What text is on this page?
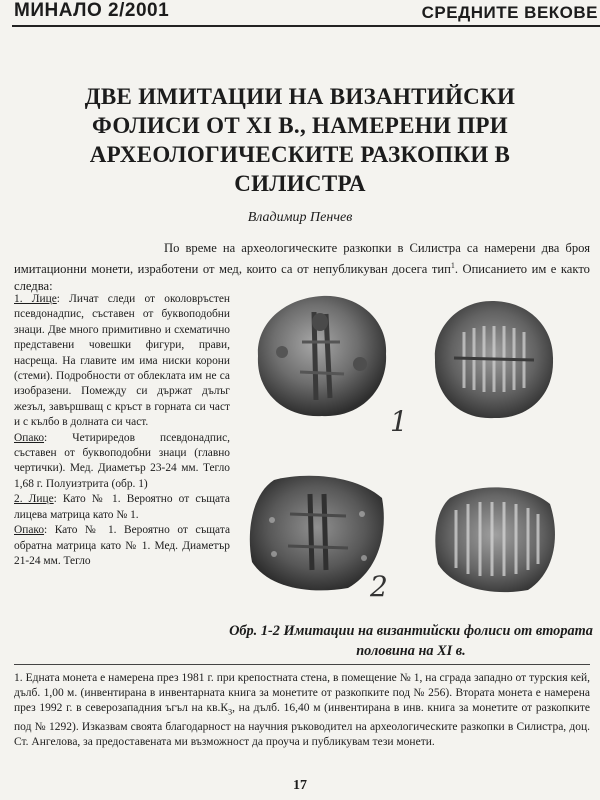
МИНАЛО 2/2001	СРЕДНИТЕ ВЕКОВЕ
ДВЕ ИМИТАЦИИ НА ВИЗАНТИЙСКИ ФОЛИСИ ОТ XI В., НАМЕРЕНИ ПРИ АРХЕОЛОГИЧЕСКИТЕ РАЗКОПКИ В СИЛИСТРА
Владимир Пенчев

По време на археологическите разкопки в Силистра са намерени два броя имитационни монети, изработени от мед, които са от непубликуван досега тип$^1$. Описанието им е както следва:

1. Лице: Личат следи от околовръстен псевдонадпис, съставен от буквоподобни знаци. Две много примитивно и схематично представени човешки фигури, прави, насреща. На главите им има ниски корони (стеми). Подробности от облеклата им не са изобразени. Помежду си държат дълъг жезъл, завършващ с кръст в горната си част и с кълбо в долната си част.

Опако: Четириредов псевдонадпис, съставен от буквоподобни знаци (главно чертички). Мед. Диаметър 23-24 мм. Тегло 1,68 г. Полуизтрита (обр. 1)

2. Лице: Като № 1. Вероятно от същата лицева матрица като № 1.

Опако: Като № 1. Вероятно от същата обратна матрица като № 1. Мед. Диаметър 21-24 мм. Тегло

1
2

Обр. 1-2 Имитации на византийски фолиси от втората половина на XI в.

1. Едната монета е намерена през 1981 г. при крепостната стена, в помещение № 1, на сграда западно от турския кей, дълб. 1,00 м. (инвентирана в инвентарната книга за монетите от разкопките под № 256). Втората монета е намерена през 1992 г. в северозападния ъгъл на $кв.К_3$, на дълб. 16,40 м (инвентирана в инв. книга за монетите от разкопките под № 1292). Изказвам своята благодарност на научния ръководител на археологическите разкопки в Силистра, доц. Ст. Ангелова, за предоставената ми възможност да проуча и публикувам тези монети.

17
